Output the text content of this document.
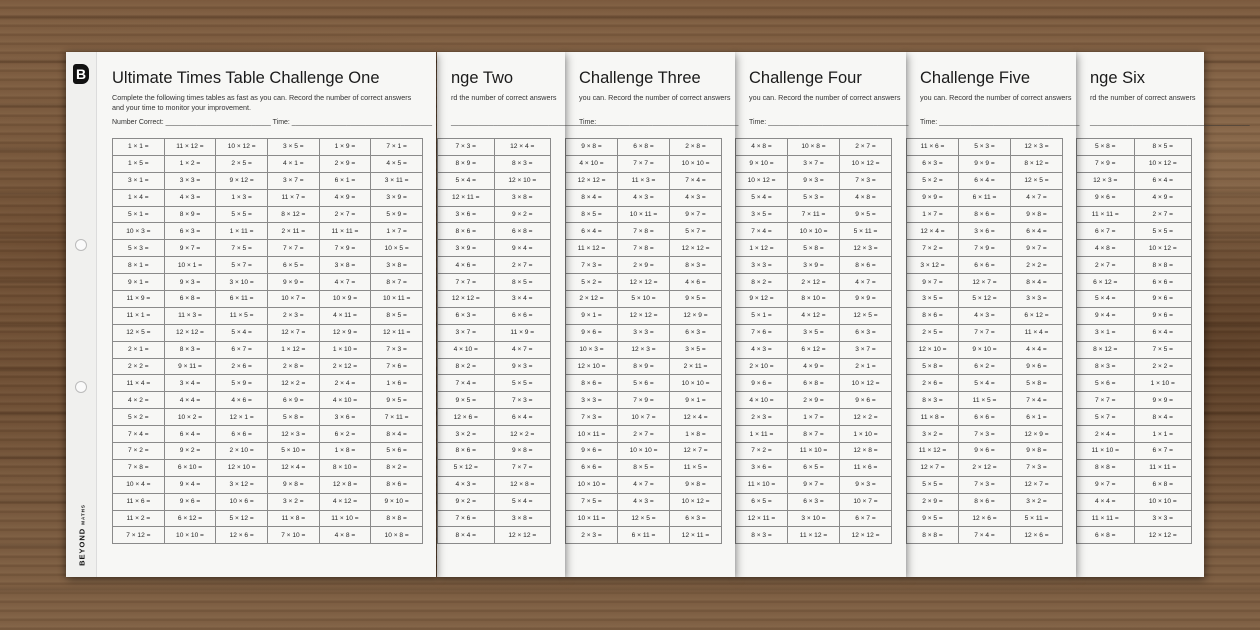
nge Six
rd the number of correct answers
_________________________________________
5 × 8 =	8 × 5 =
7 × 9 =	10 × 12 =
12 × 3 =	6 × 4 =
9 × 6 =	4 × 9 =
11 × 11 =	2 × 7 =
6 × 7 =	5 × 5 =
4 × 8 =	10 × 12 =
2 × 7 =	8 × 8 =
6 × 12 =	6 × 6 =
5 × 4 =	9 × 6 =
9 × 4 =	9 × 6 =
3 × 1 =	6 × 4 =
8 × 12 =	7 × 5 =
8 × 3 =	2 × 2 =
5 × 6 =	1 × 10 =
7 × 7 =	9 × 9 =
5 × 7 =	8 × 4 =
2 × 4 =	1 × 1 =
11 × 10 =	6 × 7 =
8 × 8 =	11 × 11 =
9 × 7 =	6 × 8 =
4 × 4 =	10 × 10 =
11 × 11 =	3 × 3 =
6 × 8 =	12 × 12 =
Challenge Five
you can. Record the number of correct answers
Time: ____________________________________
11 × 6 =	5 × 3 =	12 × 3 =
6 × 3 =	9 × 9 =	8 × 12 =
5 × 2 =	6 × 4 =	12 × 5 =
9 × 9 =	6 × 11 =	4 × 7 =
1 × 7 =	8 × 6 =	9 × 8 =
12 × 4 =	3 × 6 =	6 × 4 =
7 × 2 =	7 × 9 =	9 × 7 =
3 × 12 =	6 × 6 =	2 × 2 =
9 × 7 =	12 × 7 =	8 × 4 =
3 × 5 =	5 × 12 =	3 × 3 =
8 × 6 =	4 × 3 =	6 × 12 =
2 × 5 =	7 × 7 =	11 × 4 =
12 × 10 =	9 × 10 =	4 × 4 =
5 × 8 =	6 × 2 =	9 × 6 =
2 × 6 =	5 × 4 =	5 × 8 =
8 × 3 =	11 × 5 =	7 × 4 =
11 × 8 =	6 × 6 =	6 × 1 =
3 × 2 =	7 × 3 =	12 × 9 =
11 × 12 =	9 × 6 =	9 × 8 =
12 × 7 =	2 × 12 =	7 × 3 =
5 × 5 =	7 × 3 =	12 × 7 =
2 × 9 =	8 × 6 =	3 × 2 =
9 × 5 =	12 × 6 =	5 × 11 =
8 × 8 =	7 × 4 =	12 × 6 =
Challenge Four
you can. Record the number of correct answers
Time: ____________________________________
4 × 8 =	10 × 8 =	2 × 7 =
9 × 10 =	3 × 7 =	10 × 12 =
10 × 12 =	9 × 3 =	7 × 3 =
5 × 4 =	5 × 3 =	4 × 8 =
3 × 5 =	7 × 11 =	9 × 5 =
7 × 4 =	10 × 10 =	5 × 11 =
1 × 12 =	5 × 8 =	12 × 3 =
3 × 3 =	3 × 9 =	8 × 6 =
8 × 2 =	2 × 12 =	4 × 7 =
9 × 12 =	8 × 10 =	9 × 9 =
5 × 1 =	4 × 12 =	12 × 5 =
7 × 6 =	3 × 5 =	6 × 3 =
4 × 3 =	6 × 12 =	3 × 7 =
2 × 10 =	4 × 9 =	2 × 1 =
9 × 6 =	6 × 8 =	10 × 12 =
4 × 10 =	2 × 9 =	9 × 6 =
2 × 3 =	1 × 7 =	12 × 2 =
1 × 11 =	8 × 7 =	1 × 10 =
7 × 2 =	11 × 10 =	12 × 8 =
3 × 6 =	6 × 5 =	11 × 6 =
11 × 10 =	9 × 7 =	9 × 3 =
6 × 5 =	6 × 3 =	10 × 7 =
12 × 11 =	3 × 10 =	6 × 7 =
8 × 3 =	11 × 12 =	12 × 12 =
Challenge Three
you can. Record the number of correct answers
Time: ____________________________________
9 × 8 =	6 × 8 =	2 × 8 =
4 × 10 =	7 × 7 =	10 × 10 =
12 × 12 =	11 × 3 =	7 × 4 =
8 × 4 =	4 × 3 =	4 × 3 =
8 × 5 =	10 × 11 =	9 × 7 =
6 × 4 =	7 × 8 =	5 × 7 =
11 × 12 =	7 × 8 =	12 × 12 =
7 × 3 =	2 × 9 =	8 × 3 =
5 × 2 =	12 × 12 =	4 × 6 =
2 × 12 =	5 × 10 =	9 × 5 =
9 × 1 =	12 × 12 =	12 × 9 =
9 × 6 =	3 × 3 =	6 × 3 =
10 × 3 =	12 × 3 =	3 × 5 =
12 × 10 =	8 × 9 =	2 × 11 =
8 × 6 =	5 × 6 =	10 × 10 =
3 × 3 =	7 × 9 =	9 × 1 =
7 × 3 =	10 × 7 =	12 × 4 =
10 × 11 =	2 × 7 =	1 × 8 =
9 × 6 =	10 × 10 =	12 × 7 =
6 × 6 =	8 × 5 =	11 × 5 =
10 × 10 =	4 × 7 =	9 × 8 =
7 × 5 =	4 × 3 =	10 × 12 =
10 × 11 =	12 × 5 =	6 × 3 =
2 × 3 =	6 × 11 =	12 × 11 =
nge Two
rd the number of correct answers
_________________________________________
7 × 3 =	12 × 4 =
8 × 9 =	8 × 3 =
5 × 4 =	12 × 10 =
12 × 11 =	3 × 8 =
3 × 6 =	9 × 2 =
8 × 6 =	6 × 8 =
3 × 9 =	9 × 4 =
4 × 6 =	2 × 7 =
7 × 7 =	8 × 5 =
12 × 12 =	3 × 4 =
6 × 3 =	6 × 6 =
3 × 7 =	11 × 9 =
4 × 10 =	4 × 7 =
8 × 2 =	9 × 3 =
7 × 4 =	5 × 5 =
9 × 5 =	7 × 3 =
12 × 6 =	6 × 4 =
3 × 2 =	12 × 2 =
8 × 6 =	9 × 8 =
5 × 12 =	7 × 7 =
4 × 3 =	12 × 8 =
9 × 2 =	5 × 4 =
7 × 6 =	3 × 8 =
8 × 4 =	12 × 12 =
B
BEYONDMATHS
Ultimate Times Table Challenge One
Complete the following times tables as fast as you can. Record the number of correct answers
and your time to monitor your improvement.
Number Correct: ___________________________ Time: ____________________________________
1 × 1 =	11 × 12 =	10 × 12 =	3 × 5 =	1 × 9 =	7 × 1 =
1 × 5 =	1 × 2 =	2 × 5 =	4 × 1 =	2 × 9 =	4 × 5 =
3 × 1 =	3 × 3 =	9 × 12 =	3 × 7 =	6 × 1 =	3 × 11 =
1 × 4 =	4 × 3 =	1 × 3 =	11 × 7 =	4 × 9 =	3 × 9 =
5 × 1 =	8 × 9 =	5 × 5 =	8 × 12 =	2 × 7 =	5 × 9 =
10 × 3 =	6 × 3 =	1 × 11 =	2 × 11 =	11 × 11 =	1 × 7 =
5 × 3 =	9 × 7 =	7 × 5 =	7 × 7 =	7 × 9 =	10 × 5 =
8 × 1 =	10 × 1 =	5 × 7 =	6 × 5 =	3 × 8 =	3 × 8 =
9 × 1 =	9 × 3 =	3 × 10 =	9 × 9 =	4 × 7 =	8 × 7 =
11 × 9 =	6 × 8 =	6 × 11 =	10 × 7 =	10 × 9 =	10 × 11 =
11 × 1 =	11 × 3 =	11 × 5 =	2 × 3 =	4 × 11 =	8 × 5 =
12 × 5 =	12 × 12 =	5 × 4 =	12 × 7 =	12 × 9 =	12 × 11 =
2 × 1 =	8 × 3 =	6 × 7 =	1 × 12 =	1 × 10 =	7 × 3 =
2 × 2 =	9 × 11 =	2 × 6 =	2 × 8 =	2 × 12 =	7 × 6 =
11 × 4 =	3 × 4 =	5 × 9 =	12 × 2 =	2 × 4 =	1 × 6 =
4 × 2 =	4 × 4 =	4 × 6 =	6 × 9 =	4 × 10 =	9 × 5 =
5 × 2 =	10 × 2 =	12 × 1 =	5 × 8 =	3 × 6 =	7 × 11 =
7 × 4 =	6 × 4 =	6 × 6 =	12 × 3 =	6 × 2 =	8 × 4 =
7 × 2 =	9 × 2 =	2 × 10 =	5 × 10 =	1 × 8 =	5 × 6 =
7 × 8 =	6 × 10 =	12 × 10 =	12 × 4 =	8 × 10 =	8 × 2 =
10 × 4 =	9 × 4 =	3 × 12 =	9 × 8 =	12 × 8 =	8 × 6 =
11 × 6 =	9 × 6 =	10 × 6 =	3 × 2 =	4 × 12 =	9 × 10 =
11 × 2 =	6 × 12 =	5 × 12 =	11 × 8 =	11 × 10 =	8 × 8 =
7 × 12 =	10 × 10 =	12 × 6 =	7 × 10 =	4 × 8 =	10 × 8 =
